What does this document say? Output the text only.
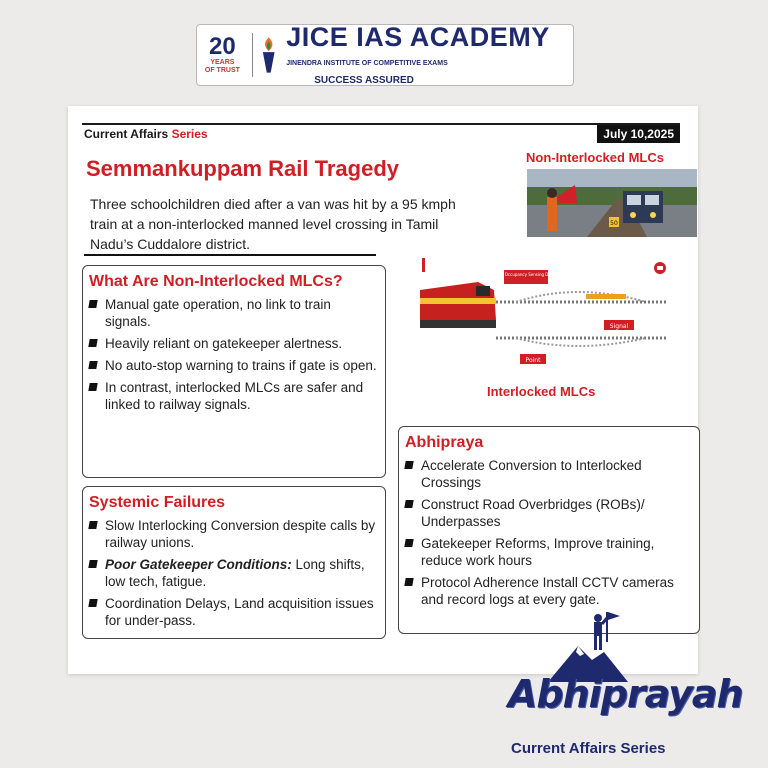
20
YEARS
OF TRUST
JICE IAS ACADEMY
JINENDRA INSTITUTE OF COMPETITIVE EXAMS SUCCESS ASSURED
Current Affairs Series	July 10,2025
Semmankuppam Rail Tragedy
Three schoolchildren died after a van was hit by a 95 kmph train at a non-interlocked manned level crossing in Tamil Nadu’s Cuddalore district.
Non-Interlocked MLCs
50
(Track Occupancy Sensing Device)
Signal
Point
Interlocked MLCs
What Are Non-Interlocked MLCs?
Manual gate operation, no link to train signals.
Heavily reliant on gatekeeper alertness.
No auto-stop warning to trains if gate is open.
In contrast, interlocked MLCs are safer and linked to railway signals.
Systemic Failures
Slow Interlocking Conversion despite calls by railway unions.
Poor Gatekeeper Conditions: Long shifts, low tech, fatigue.
Coordination Delays, Land acquisition issues for under-pass.
Abhipraya
Accelerate Conversion to Interlocked Crossings
Construct Road Overbridges (ROBs)/ Underpasses
Gatekeeper Reforms, Improve training, reduce work hours
Protocol Adherence Install CCTV cameras and record logs at every gate.
Abhiprayah
Current Affairs Series
